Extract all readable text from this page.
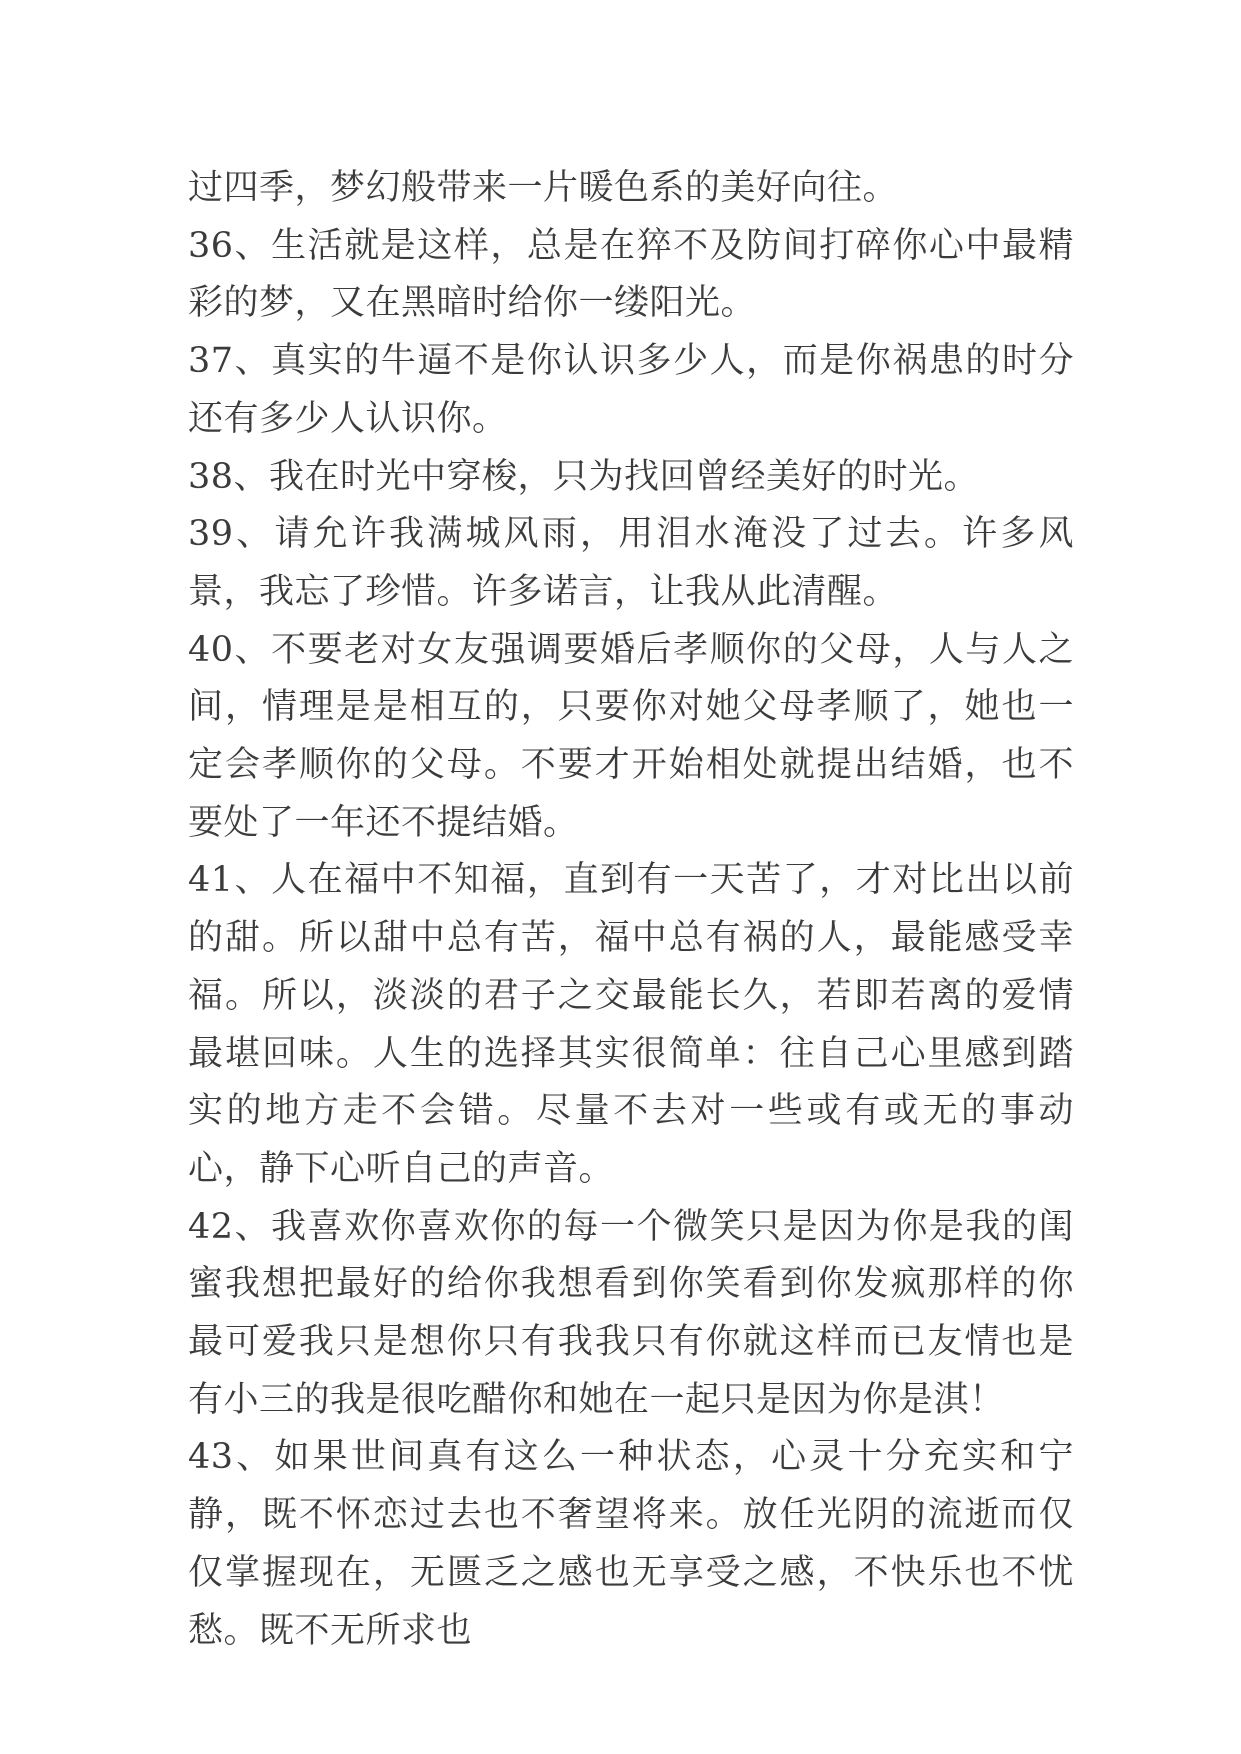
过四季，梦幻般带来一片暖色系的美好向往。

36、生活就是这样，总是在猝不及防间打碎你心中最精彩的梦，又在黑暗时给你一缕阳光。

37、真实的牛逼不是你认识多少人，而是你祸患的时分还有多少人认识你。

38、我在时光中穿梭，只为找回曾经美好的时光。

39、请允许我满城风雨，用泪水淹没了过去。许多风景，我忘了珍惜。许多诺言，让我从此清醒。

40、不要老对女友强调要婚后孝顺你的父母，人与人之间，情理是是相互的，只要你对她父母孝顺了，她也一定会孝顺你的父母。不要才开始相处就提出结婚，也不要处了一年还不提结婚。

41、人在福中不知福，直到有一天苦了，才对比出以前的甜。所以甜中总有苦，福中总有祸的人，最能感受幸福。所以，淡淡的君子之交最能长久，若即若离的爱情最堪回味。人生的选择其实很简单：往自己心里感到踏实的地方走不会错。尽量不去对一些或有或无的事动心，静下心听自己的声音。

42、我喜欢你喜欢你的每一个微笑只是因为你是我的闺蜜我想把最好的给你我想看到你笑看到你发疯那样的你最可爱我只是想你只有我我只有你就这样而已友情也是有小三的我是很吃醋你和她在一起只是因为你是淇！

43、如果世间真有这么一种状态，心灵十分充实和宁静，既不怀恋过去也不奢望将来。放任光阴的流逝而仅仅掌握现在，无匮乏之感也无享受之感，不快乐也不忧愁。既不无所求也
